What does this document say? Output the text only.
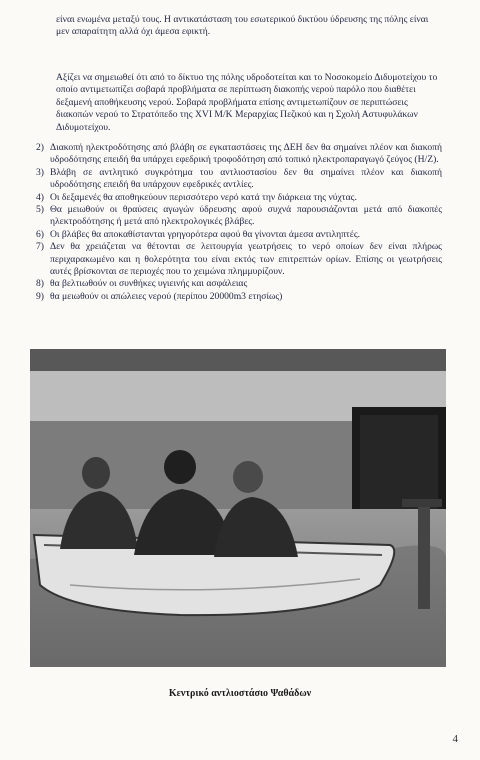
είναι ενωμένα μεταξύ τους. Η αντικατάσταση του εσωτερικού δικτύου ύδρευσης της πόλης είναι μεν απαραίτητη αλλά όχι άμεσα εφικτή.
Αξίζει να σημειωθεί ότι από το δίκτυο της πόλης υδροδοτείται και το Νοσοκομείο Διδυμοτείχου το οποίο αντιμετωπίζει σοβαρά προβλήματα σε περίπτωση διακοπής νερού παρόλο που διαθέτει δεξαμενή αποθήκευσης νερού. Σοβαρά προβλήματα επίσης αντιμετωπίζουν σε περιπτώσεις διακοπών νερού το Στρατόπεδο της XVI Μ/Κ Μεραρχίας Πεζικού και η Σχολή Αστυφυλάκων Διδυμοτείχου.
2) Διακοπή ηλεκτροδότησης από βλάβη σε εγκαταστάσεις της ΔΕΗ δεν θα σημαίνει πλέον και διακοπή υδροδότησης επειδή θα υπάρχει εφεδρική τροφοδότηση από τοπικό ηλεκτροπαραγωγό ζεύγος (Η/Ζ).
3) Βλάβη σε αντλητικό συγκρότημα του αντλιοστασίου δεν θα σημαίνει πλέον και διακοπή υδροδότησης επειδή θα υπάρχουν εφεδρικές αντλίες.
4) Οι δεξαμενές θα αποθηκεύουν περισσότερο νερό κατά την διάρκεια της νύχτας.
5) Θα μειωθούν οι θραύσεις αγωγών ύδρευσης αφού συχνά παρουσιάζονται μετά από διακοπές ηλεκτροδότησης ή μετά από ηλεκτρολογικές βλάβες.
6) Οι βλάβες θα αποκαθίστανται γρηγορότερα αφού θα γίνονται άμεσα αντιληπτές.
7) Δεν θα χρειάζεται να θέτονται σε λειτουργία γεωτρήσεις το νερό οποίων δεν είναι πλήρως περιχαρακωμένο και η θολερότητα του είναι εκτός των επιτρεπτών ορίων. Επίσης οι γεωτρήσεις αυτές βρίσκονται σε περιοχές που το χειμώνα πλημμυρίζουν.
8) θα βελτιωθούν οι συνθήκες υγιεινής και ασφάλειας
9) θα μειωθούν οι απώλειες νερού (περίπου 20000m3 ετησίως)
Κεντρικό αντλιοστάσιο Ψαθάδων
4
